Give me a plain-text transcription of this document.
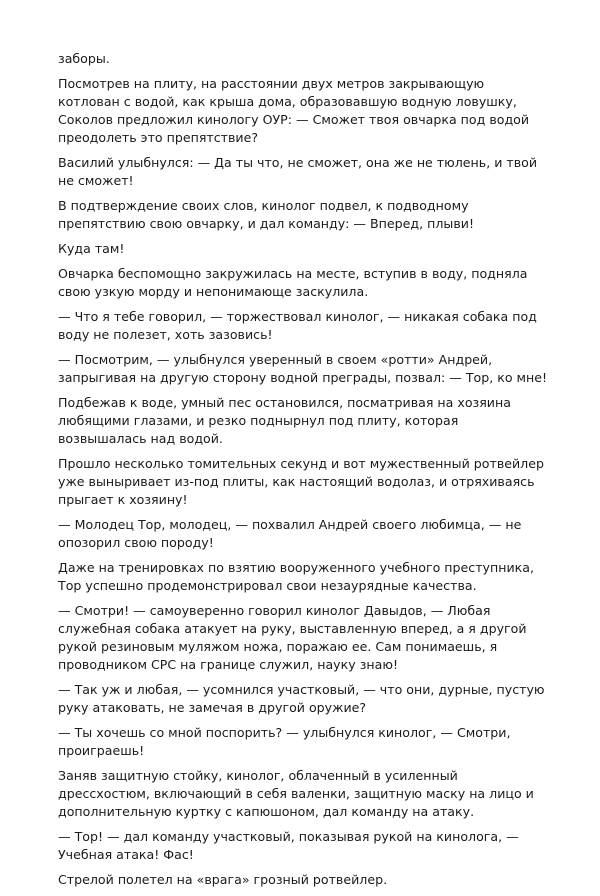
заборы.

Посмотрев на плиту, на расстоянии двух метров закрывающую котлован с водой, как крыша дома, образовавшую водную ловушку, Соколов предложил кинологу ОУР: — Сможет твоя овчарка под водой преодолеть это препятствие?

Василий улыбнулся: — Да ты что, не сможет, она же не тюлень, и твой не сможет!

В подтверждение своих слов, кинолог подвел, к подводному препятствию свою овчарку, и дал команду: — Вперед, плыви!

Куда там!

Овчарка беспомощно закружилась на месте, вступив в воду, подняла свою узкую морду и непонимающе заскулила.

— Что я тебе говорил, — торжествовал кинолог, — никакая собака под воду не полезет, хоть зазовись!

— Посмотрим, — улыбнулся уверенный в своем «ротти» Андрей, запрыгивая на другую сторону водной преграды, позвал: — Тор, ко мне!

Подбежав к воде, умный пес остановился, посматривая на хозяина любящими глазами, и резко поднырнул под плиту, которая возвышалась над водой.

Прошло несколько томительных секунд и вот мужественный ротвейлер уже выныривает из-под плиты, как настоящий водолаз, и отряхиваясь прыгает к хозяину!

— Молодец Тор, молодец, — похвалил Андрей своего любимца, — не опозорил свою породу!

Даже на тренировках по взятию вооруженного учебного преступника, Тор успешно продемонстрировал свои незаурядные качества.

— Смотри! — самоуверенно говорил кинолог Давыдов, — Любая служебная собака атакует на руку, выставленную вперед, а я другой рукой резиновым муляжом ножа, поражаю ее. Сам понимаешь, я проводником СРС на границе служил, науку знаю!

— Так уж и любая, — усомнился участковый, — что они, дурные, пустую руку атаковать, не замечая в другой оружие?

— Ты хочешь со мной поспорить? — улыбнулся кинолог, — Смотри, проиграешь!

Заняв защитную стойку, кинолог, облаченный в усиленный дрессхостюм, включающий в себя валенки, защитную маску на лицо и дополнительную куртку с капюшоном, дал команду на атаку.

— Тор! — дал команду участковый, показывая рукой на кинолога, — Учебная атака! Фас!

Стрелой полетел на «врага» грозный ротвейлер.
